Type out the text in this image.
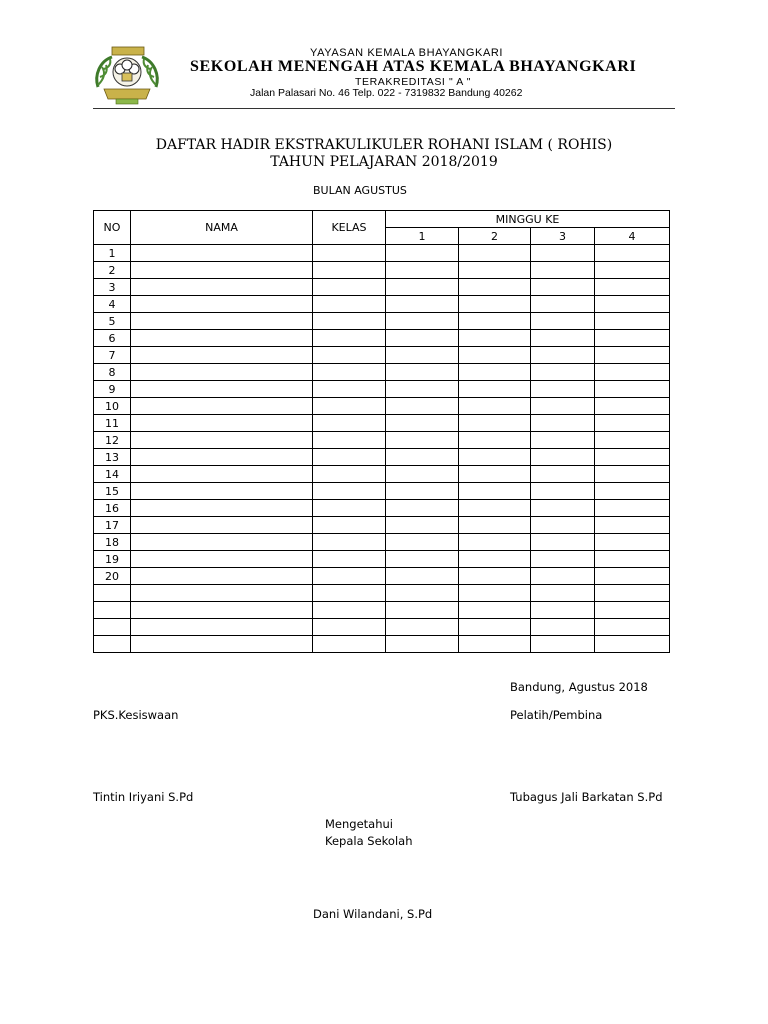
YAYASAN KEMALA BHAYANGKARI
SEKOLAH MENENGAH ATAS KEMALA BHAYANGKARI
TERAKREDITASI " A "
Jalan Palasari No. 46 Telp. 022 - 7319832 Bandung 40262
DAFTAR HADIR EKSTRAKULIKULER ROHANI ISLAM ( ROHIS)
TAHUN PELAJARAN 2018/2019
BULAN AGUSTUS
NO	NAMA	KELAS	MINGGU KE			
			1	2	3	4
1						
2						
3						
4						
5						
6						
7						
8						
9						
10						
11						
12						
13						
14						
15						
16						
17						
18						
19						
20						

Bandung, Agustus 2018
PKS.Kesiswaan	Pelatih/Pembina
Tintin Iriyani S.Pd	Tubagus Jali Barkatan S.Pd
Mengetahui
Kepala Sekolah
Dani Wilandani, S.Pd
